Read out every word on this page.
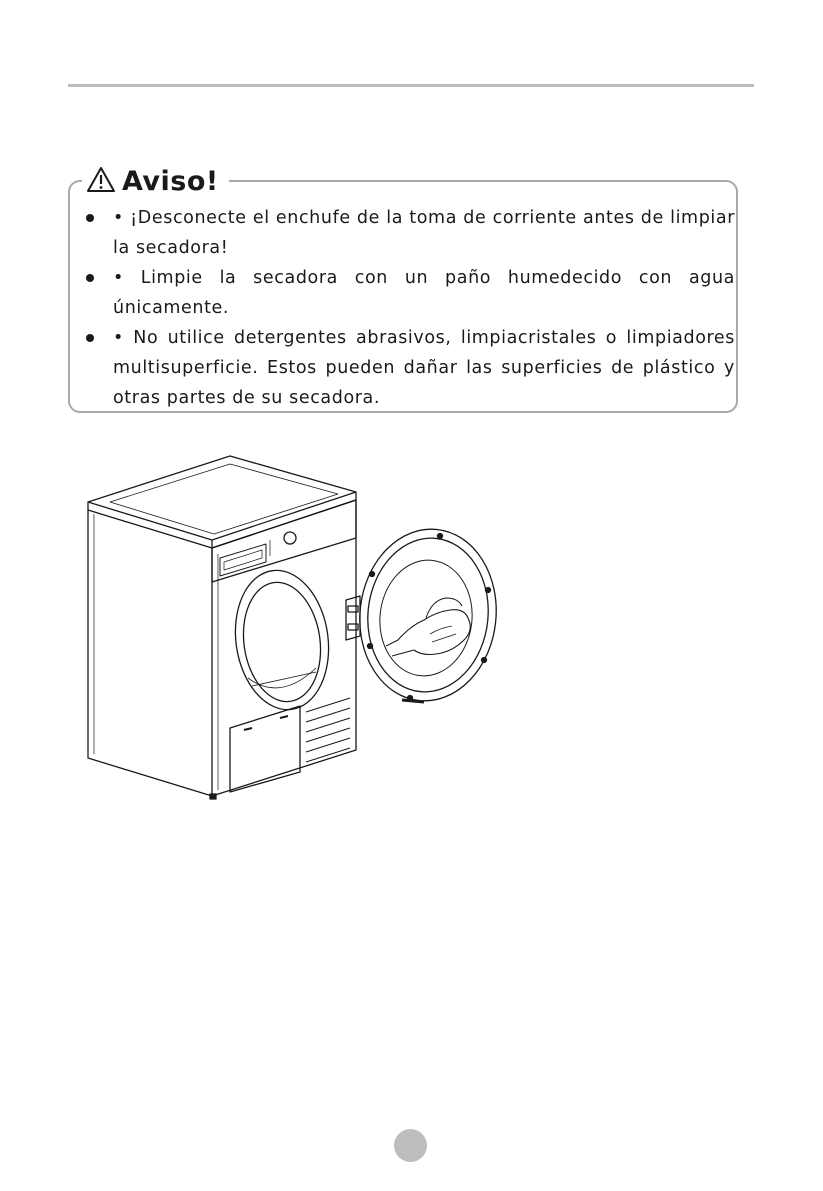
Aviso!
• ¡Desconecte el enchufe de la toma de corriente antes de limpiar la secadora!
• Limpie la secadora con un paño humedecido con agua únicamente.
• No utilice detergentes abrasivos, limpiacristales o limpiadores multisuperficie. Estos pueden dañar las superficies de plástico y otras partes de su secadora.
